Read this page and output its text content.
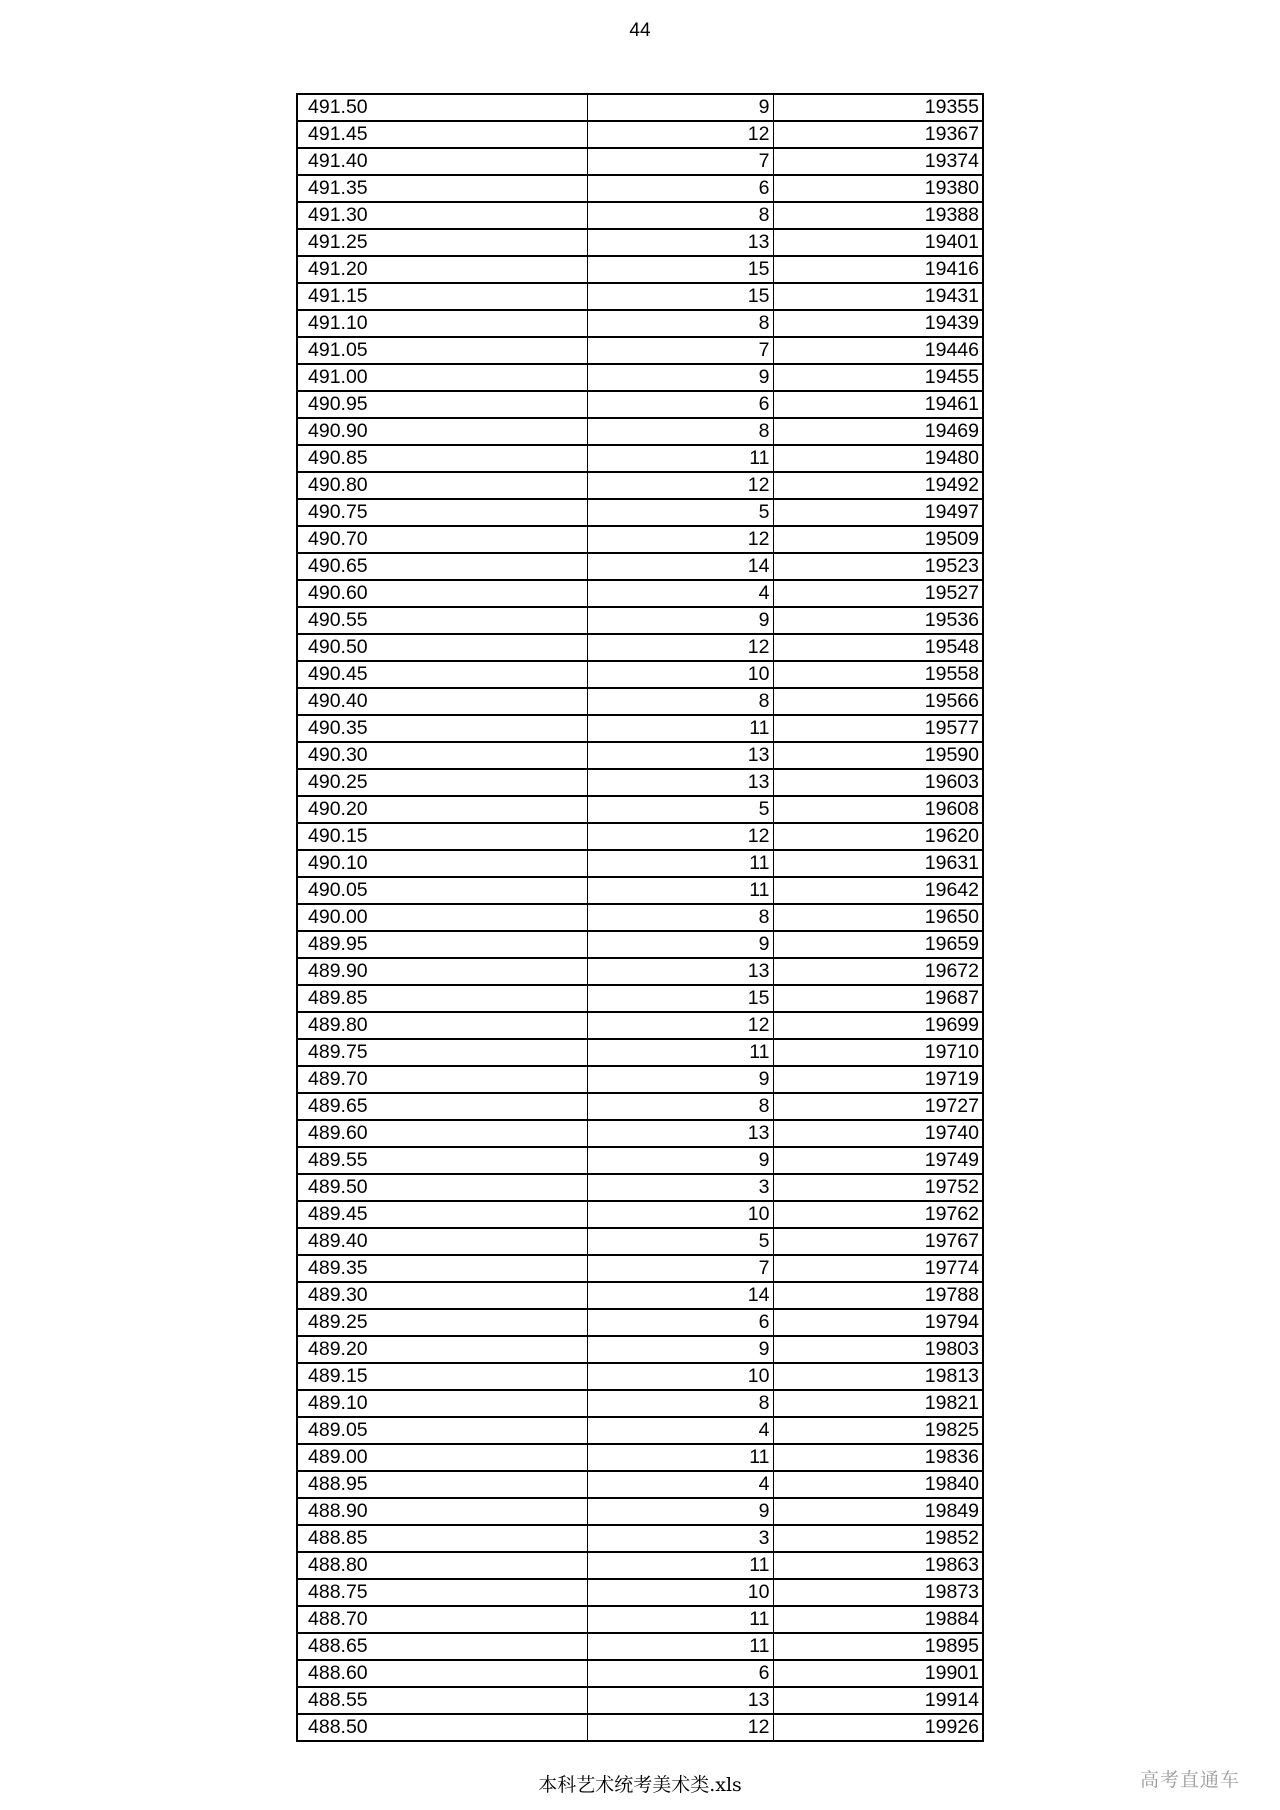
44
491.50	9	19355
491.45	12	19367
491.40	7	19374
491.35	6	19380
491.30	8	19388
491.25	13	19401
491.20	15	19416
491.15	15	19431
491.10	8	19439
491.05	7	19446
491.00	9	19455
490.95	6	19461
490.90	8	19469
490.85	11	19480
490.80	12	19492
490.75	5	19497
490.70	12	19509
490.65	14	19523
490.60	4	19527
490.55	9	19536
490.50	12	19548
490.45	10	19558
490.40	8	19566
490.35	11	19577
490.30	13	19590
490.25	13	19603
490.20	5	19608
490.15	12	19620
490.10	11	19631
490.05	11	19642
490.00	8	19650
489.95	9	19659
489.90	13	19672
489.85	15	19687
489.80	12	19699
489.75	11	19710
489.70	9	19719
489.65	8	19727
489.60	13	19740
489.55	9	19749
489.50	3	19752
489.45	10	19762
489.40	5	19767
489.35	7	19774
489.30	14	19788
489.25	6	19794
489.20	9	19803
489.15	10	19813
489.10	8	19821
489.05	4	19825
489.00	11	19836
488.95	4	19840
488.90	9	19849
488.85	3	19852
488.80	11	19863
488.75	10	19873
488.70	11	19884
488.65	11	19895
488.60	6	19901
488.55	13	19914
488.50	12	19926
本科艺术统考美术类.xls	高考直通车
